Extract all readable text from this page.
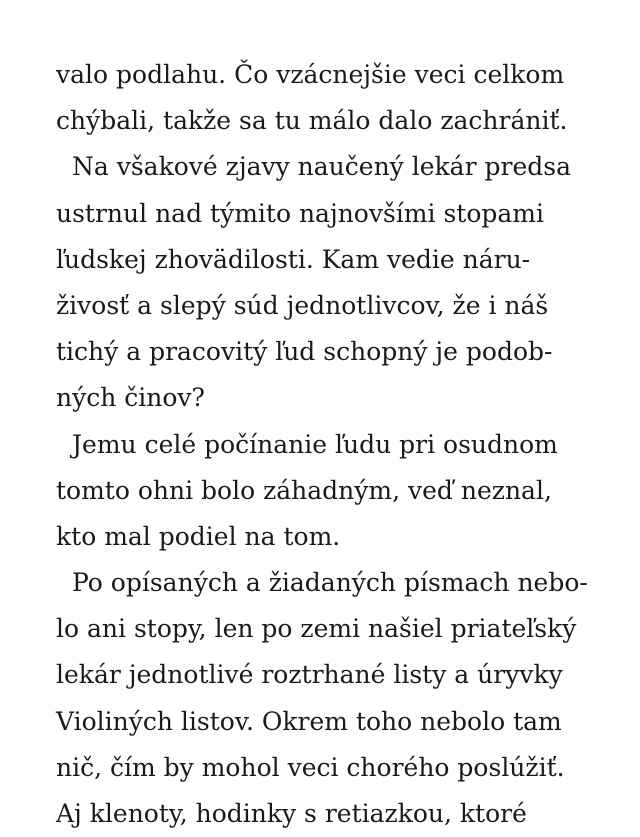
valo podlahu. Čo vzácnejšie veci celkom
chýbali, takže sa tu málo dalo zachrániť.
Na všakové zjavy naučený lekár predsa
ustrnul nad týmito najnovšími stopami
ľudskej zhovädilosti. Kam vedie náru-
živosť a slepý súd jednotlivcov, že i náš
tichý a pracovitý ľud schopný je podob-
ných činov?
Jemu celé počínanie ľudu pri osudnom
tomto ohni bolo záhadným, veď neznal,
kto mal podiel na tom.
Po opísaných a žiadaných písmach nebo-
lo ani stopy, len po zemi našiel priateľský
lekár jednotlivé roztrhané listy a úryvky
Violiných listov. Okrem toho nebolo tam
nič, čím by mohol veci chorého poslúžiť.
Aj klenoty, hodinky s retiazkou, ktoré
